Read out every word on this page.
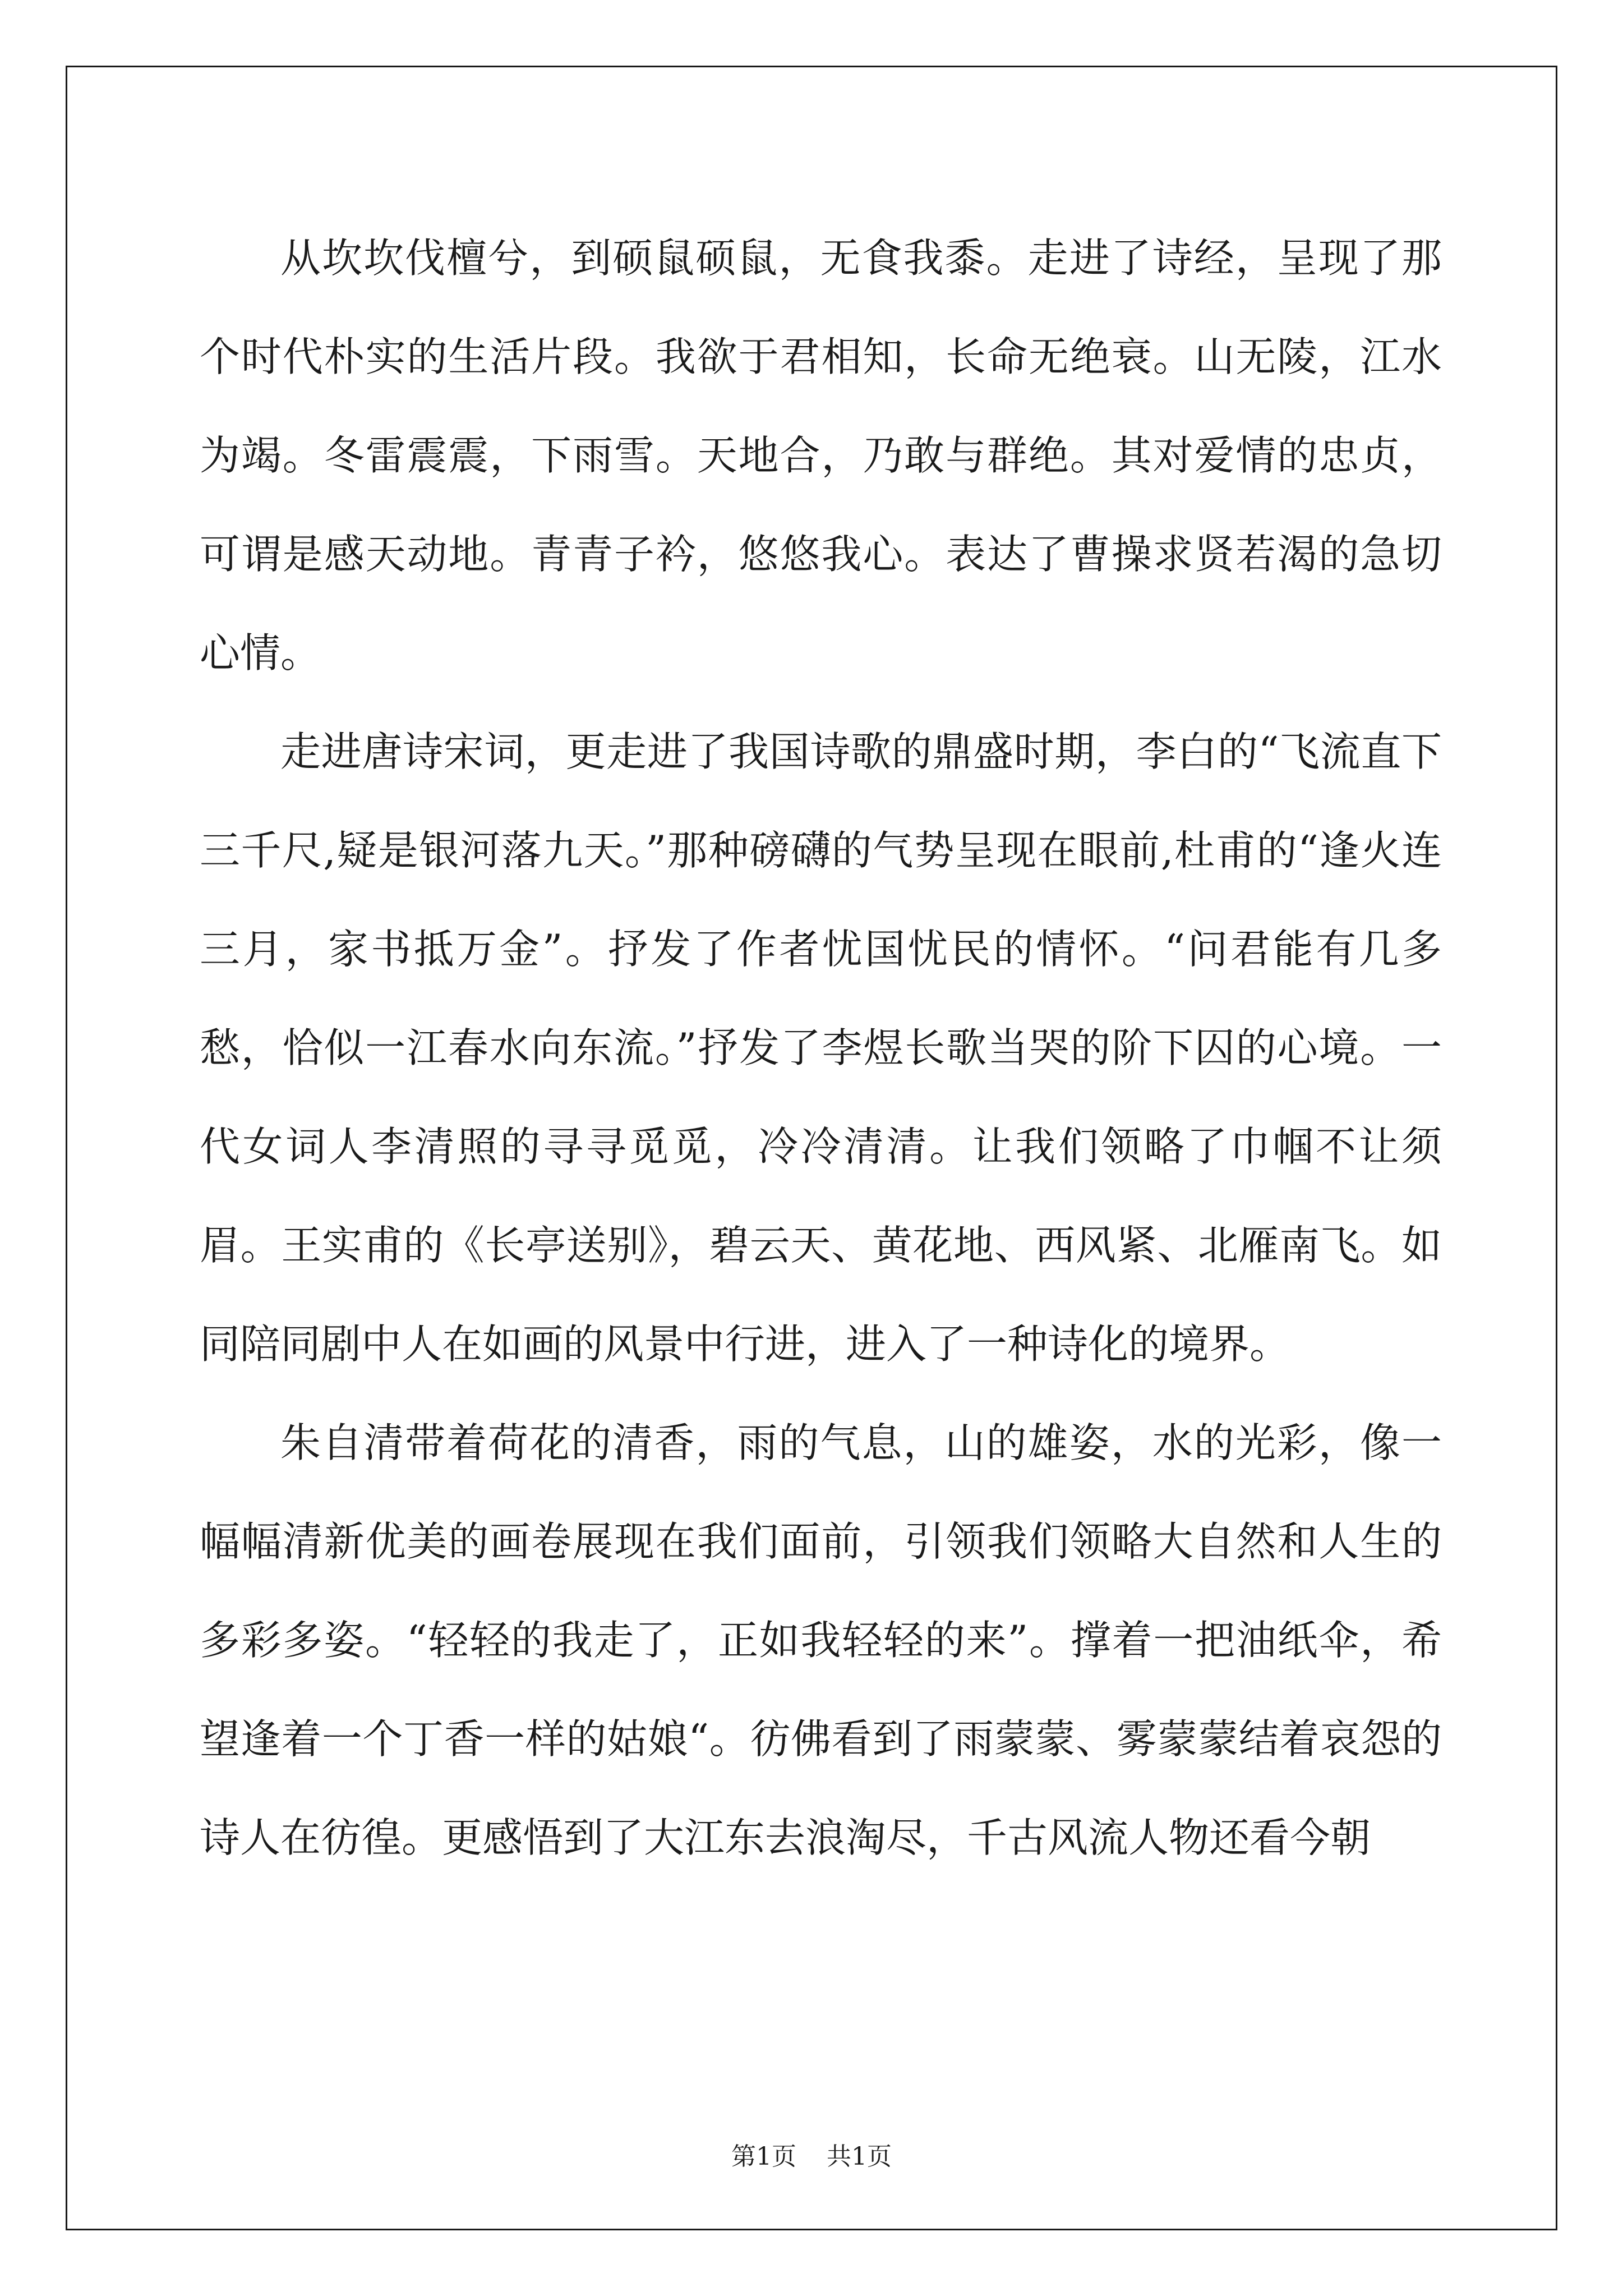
从坎坎伐檀兮，到硕鼠硕鼠，无食我黍。走进了诗经，呈现了那个时代朴实的生活片段。我欲于君相知，长命无绝衰。山无陵，江水为竭。冬雷震震，下雨雪。天地合，乃敢与群绝。其对爱情的忠贞，可谓是感天动地。青青子衿，悠悠我心。表达了曹操求贤若渴的急切心情。

走进唐诗宋词，更走进了我国诗歌的鼎盛时期，李白的“飞流直下三千尺,疑是银河落九天。”那种磅礴的气势呈现在眼前,杜甫的“逢火连三月，家书抵万金”。抒发了作者忧国忧民的情怀。“问君能有几多愁，恰似一江春水向东流。”抒发了李煜长歌当哭的阶下囚的心境。一代女词人李清照的寻寻觅觅，冷冷清清。让我们领略了巾帼不让须眉。王实甫的《长亭送别》，碧云天、黄花地、西风紧、北雁南飞。如同陪同剧中人在如画的风景中行进，进入了一种诗化的境界。

朱自清带着荷花的清香，雨的气息，山的雄姿，水的光彩，像一幅幅清新优美的画卷展现在我们面前，引领我们领略大自然和人生的多彩多姿。“轻轻的我走了，正如我轻轻的来”。撑着一把油纸伞，希望逢着一个丁香一样的姑娘“。彷佛看到了雨蒙蒙、雾蒙蒙结着哀怨的诗人在彷徨。更感悟到了大江东去浪淘尽，千古风流人物还看今朝

第1页 共1页
